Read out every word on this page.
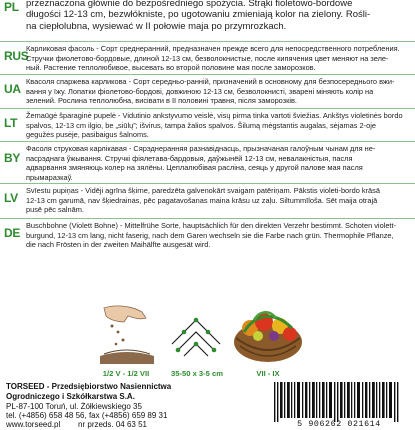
PL przeznaczona głównie do bezpośredniego spożycia. Strąki fioletowo-bordowe
długości 12-13 cm, bezwłókniste, po ugotowaniu zmieniają kolor na zielony. Rośli-
na ciepłolubna, wysiewać w II połowie maja po przymrozkach.
RUS
Карликовая фасоль - Сорт среднеранний, предназначен прежде всего для непосредственного потребления.
Стручки фиолетово-бордовые, длиной 12-13 см, безволокнистые, после кипячения цвет меняют на зеле-
ный. Растение теплолюбивое, высевать во второй половине мая после заморозков.
UA
Квасоля спаржева карликова - Сорт середньо-ранній, призначений в основному для безпосереднього вжи-
вання у їжу. Лопатки фіолетово-бордові, довжиною 12-13 см, безволокнисті, зварені міняють колір на
зелений. Рослина теплолюбна, висівати в II половині травня, після заморозків.
LT
Žemaūgė šparaginė pupelė - Vidutinio ankstyvumo veislė, visų pirma tinka vartoti šviežias. Ankštys violetinės bordo
spalvos, 12-13 cm ilgio, be „siūlų”; išvirus, tampa žalios spalvos. Šilumą mėgstantis augalas, sėjamas 2-oje
gegužės pusėje, pasibaigus šalnoms.
BY
Фасоля струковая карлікавая - Сярэднеранняя разнавіднасць, прызначаная галоўным чынам для не-
пасрэднага ўжывання. Стручкі фіялетава-бардовыя, даўжынёй 12-13 см, невалакністыя, пасля
адварвання змяняюць колер на зялёны. Цеплалюбівая расліна, сеяць у другой палове мая пасля
прымаразкаў.
LV
Svīestu pupiņas - Vidēji agrīna šķirne, paredzēta galvenokārt svaigam patēriņam. Pākstis violeti-bordo krāsā
12-13 cm garumā, nav šķiedrainas, pēc pagatavošanas maina krāsu uz zaļu. Siltummīloša. Sēt maija otrajā
pusē pēc salnām.
DE
Buschbohne (Violett Bohne) - Mittelfrühe Sorte, hauptsächlich für den direkten Verzehr bestimmt. Schoten violett-
burgund, 12-13 cm lang, nicht faserig, nach dem Garen wechseln sie die Farbe nach grün. Thermophile Pflanze,
die nach Frösten in der zweiten Maihälfte ausgesät wird.
1/2 V - 1/2 VII	35-50 x 3-5 cm	VII - IX
TORSEED - Przedsiębiorstwo Nasiennictwa
Ogrodniczego i Szkółkarstwa S.A.
PL-87-100 Toruń, ul. Żółkiewskiego 35
tel. (+4856) 658 48 56, fax (+4856) 659 89 31
www.torseed.pl        nr przeds. 04 63 51	5 906262 021614
